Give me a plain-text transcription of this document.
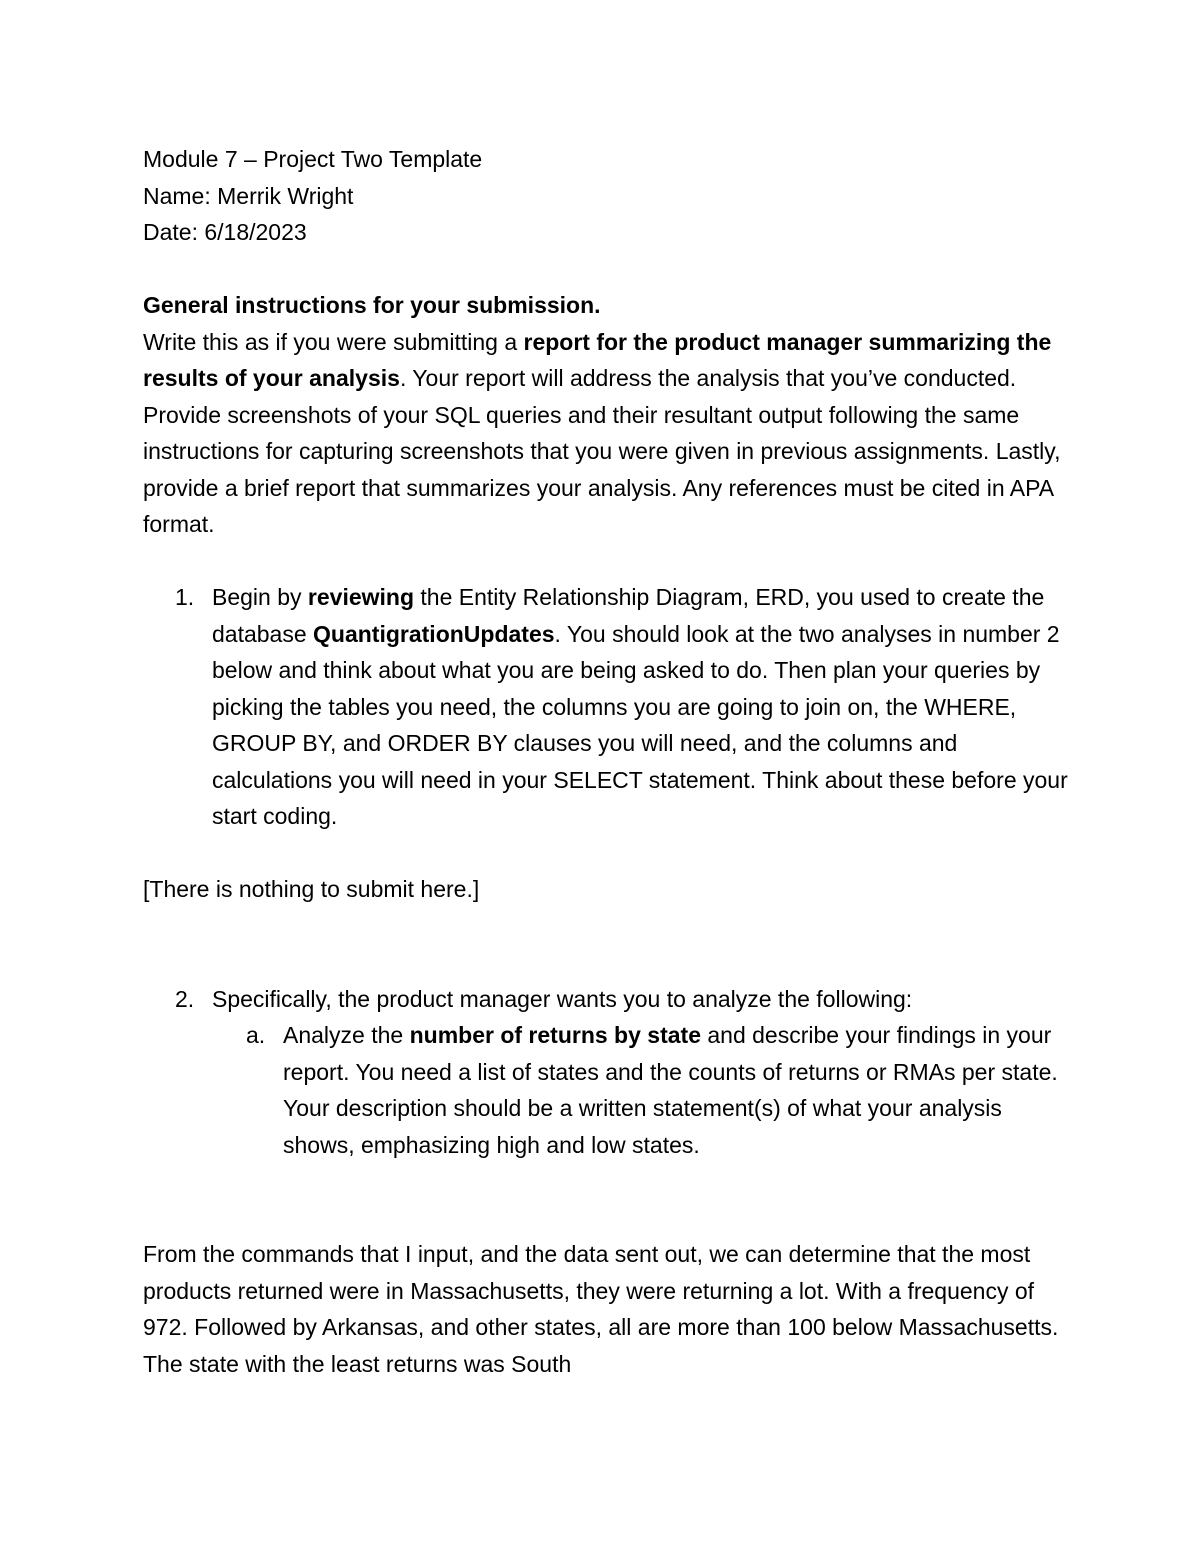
Module 7 – Project Two Template

Name: Merrik Wright

Date: 6/18/2023

General instructions for your submission.

Write this as if you were submitting a report for the product manager summarizing the results of your analysis. Your report will address the analysis that you’ve conducted. Provide screenshots of your SQL queries and their resultant output following the same instructions for capturing screenshots that you were given in previous assignments. Lastly, provide a brief report that summarizes your analysis. Any references must be cited in APA format.

1. Begin by reviewing the Entity Relationship Diagram, ERD, you used to create the database QuantigrationUpdates. You should look at the two analyses in number 2 below and think about what you are being asked to do. Then plan your queries by picking the tables you need, the columns you are going to join on, the WHERE, GROUP BY, and ORDER BY clauses you will need, and the columns and calculations you will need in your SELECT statement. Think about these before your start coding.

[There is nothing to submit here.]

2. Specifically, the product manager wants you to analyze the following:

a. Analyze the number of returns by state and describe your findings in your report. You need a list of states and the counts of returns or RMAs per state. Your description should be a written statement(s) of what your analysis shows, emphasizing high and low states.

From the commands that I input, and the data sent out, we can determine that the most products returned were in Massachusetts, they were returning a lot. With a frequency of 972. Followed by Arkansas, and other states, all are more than 100 below Massachusetts. The state with the least returns was South
